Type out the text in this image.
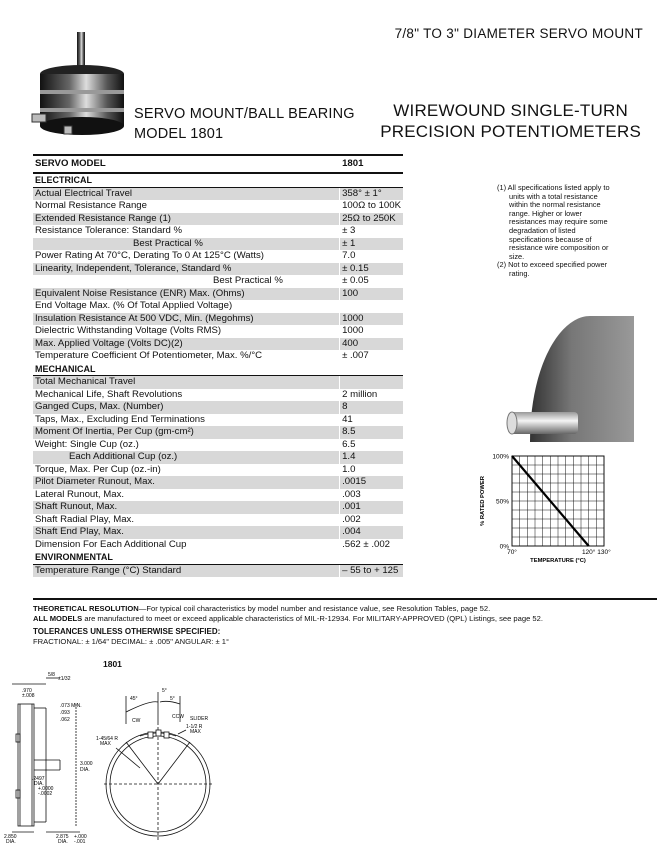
7/8" TO 3" DIAMETER SERVO MOUNT
SERVO MOUNT/BALL BEARING
MODEL 1801
WIREWOUND SINGLE-TURN
PRECISION POTENTIOMETERS
SERVO MODEL	1801
ELECTRICAL	
Actual Electrical Travel	358° ± 1°
Normal Resistance Range	100Ω to 100K
Extended Resistance Range (1)	25Ω to 250K
Resistance Tolerance: Standard %	± 3
Best Practical %	± 1
Power Rating At 70°C, Derating To 0 At 125°C (Watts)	7.0
Linearity, Independent, Tolerance, Standard %	± 0.15
Best Practical %	± 0.05
Equivalent Noise Resistance (ENR) Max. (Ohms)	100
End Voltage Max. (% Of Total Applied Voltage)	
Insulation Resistance At 500 VDC, Min. (Megohms)	1000
Dielectric Withstanding Voltage (Volts RMS)	1000
Max. Applied Voltage (Volts DC)(2)	400
Temperature Coefficient Of Potentiometer, Max. %/°C	± .007
MECHANICAL	
Total Mechanical Travel	
Mechanical Life, Shaft Revolutions	2 million
Ganged Cups, Max. (Number)	8
Taps, Max., Excluding End Terminations	41
Moment Of Inertia, Per Cup (gm-cm²)	8.5
Weight: Single Cup (oz.)	6.5
Each Additional Cup (oz.)	1.4
Torque, Max. Per Cup (oz.-in)	1.0
Pilot Diameter Runout, Max.	.0015
Lateral Runout, Max.	.003
Shaft Runout, Max.	.001
Shaft Radial Play, Max.	.002
Shaft End Play, Max.	.004
Dimension For Each Additional Cup	.562 ± .002
ENVIRONMENTAL	
Temperature Range (°C) Standard	– 55 to + 125

(1) All specifications listed apply to units with a total resistance within the normal resistance range. Higher or lower resistances may require some degradation of listed specifications because of resistance wire composition or size.

(2) Not to exceed specified power rating.

100%
50%
0%
70°	120° 130°
TEMPERATURE (°C)
% RATED POWER
THEORETICAL RESOLUTION—For typical coil characteristics by model number and resistance value, see Resolution Tables, page 52.
ALL MODELS are manufactured to meet or exceed applicable characteristics of MIL-R-12934. For MILITARY-APPROVED (QPL) Listings, see page 52.
TOLERANCES UNLESS OTHERWISE SPECIFIED:
FRACTIONAL: ± 1/64" DECIMAL: ± .005" ANGULAR: ± 1°
1801
.970
±.008
5/8
±1/32
.073 MIN.
.093
.062
3.000
DIA.
.2497
DIA.
+.0000
-.0002
2.850
DIA.
2.875
DIA.
+.000
-.001
45°
5°
5°
CW
CCW SLIDER
1-1/2 R
MAX
1-45/64 R
MAX
